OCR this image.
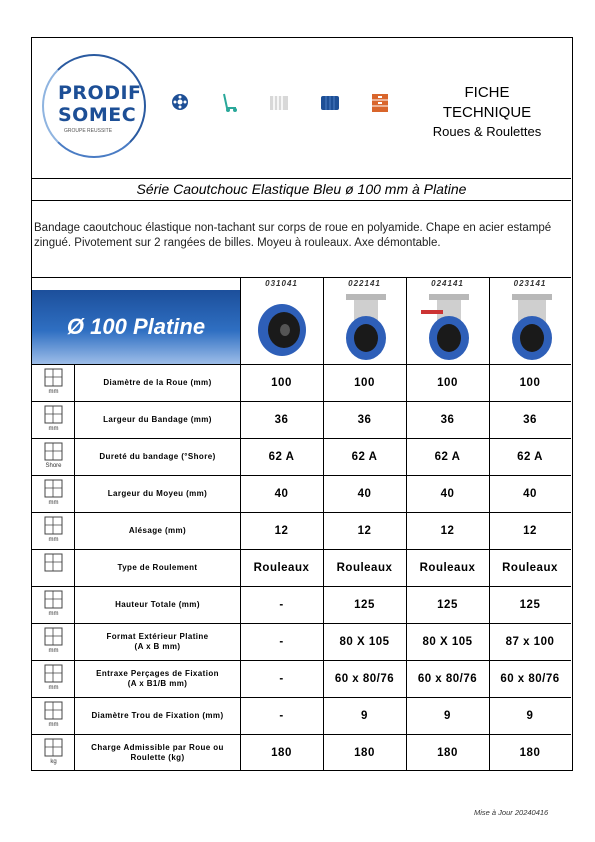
PRODIF
SOMEC
GROUPE REUSSITE
FICHE
TECHNIQUE
Roues & Roulettes
Série Caoutchouc Elastique Bleu ø 100 mm à Platine
Bandage caoutchouc élastique non-tachant sur corps de roue en polyamide. Chape en acier estampé zingué. Pivotement sur 2 rangées de billes. Moyeu à rouleaux. Axe démontable.
031041	022141	024141	023141
Ø 100 Platine
mm
Diamètre de la Roue (mm)	100	100	100	100
mm
Largeur du Bandage (mm)	36	36	36	36
Shore
Dureté du bandage (°Shore)	62 A	62 A	62 A	62 A
mm
Largeur du Moyeu (mm)	40	40	40	40
mm
Alésage (mm)	12	12	12	12
Type de Roulement	Rouleaux	Rouleaux	Rouleaux	Rouleaux
mm
Hauteur Totale (mm)	-	125	125	125
mm
Format Extérieur Platine
(A x B mm)	-	80 X 105	80 X 105	87 x 100
mm
Entraxe Perçages de Fixation
(A x B1/B mm)	-	60 x 80/76	60 x 80/76	60 x 80/76
mm
Diamètre Trou de Fixation (mm)	-	9	9	9
kg
Charge Admissible par Roue ou
Roulette (kg)	180	180	180	180
Mise à Jour 20240416
